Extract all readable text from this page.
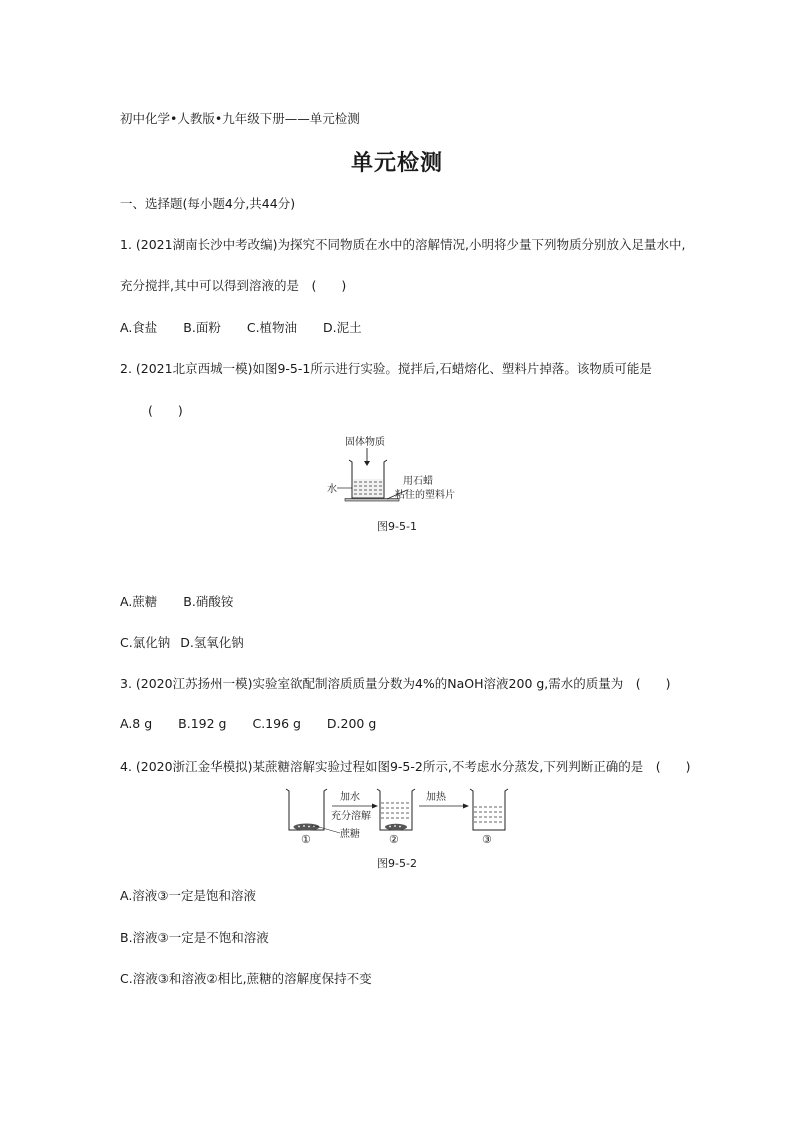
初中化学•人教版•九年级下册——单元检测
单元检测
一、选择题(每小题4分,共44分)
1. (2021湖南长沙中考改编)为探究不同物质在水中的溶解情况,小明将少量下列物质分别放入足量水中,
充分搅拌,其中可以得到溶液的是　(　　)
A.食盐 B.面粉 C.植物油 D.泥土
2. (2021北京西城一模)如图9-5-1所示进行实验。搅拌后,石蜡熔化、塑料片掉落。该物质可能是
(　　)
固体物质
水
用石蜡
粘住的塑料片
图9-5-1
A.蔗糖 B.硝酸铵
C.氯化钠 D.氢氧化钠
3. (2020江苏扬州一模)实验室欲配制溶质质量分数为4%的NaOH溶液200 g,需水的质量为　(　　)
A.8 g B.192 g C.196 g D.200 g
4. (2020浙江金华模拟)某蔗糖溶解实验过程如图9-5-2所示,不考虑水分蒸发,下列判断正确的是　(　　)
①
加水
充分溶解
蔗糖	②
加热
③
图9-5-2
A.溶液③一定是饱和溶液
B.溶液③一定是不饱和溶液
C.溶液③和溶液②相比,蔗糖的溶解度保持不变
